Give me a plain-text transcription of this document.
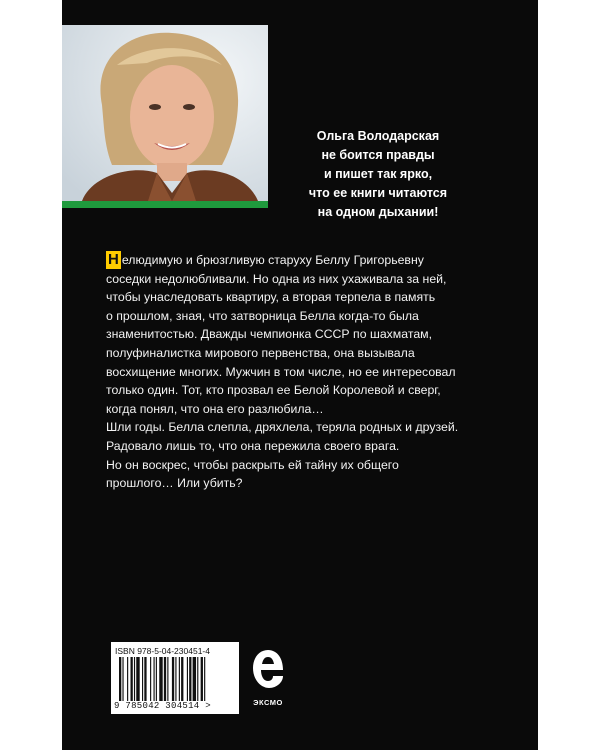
Ольга Володарская
не боится правды
и пишет так ярко,
что ее книги читаются
на одном дыхании!
Н елюдимую и брюзгливую старуху Беллу Григорьевну
соседки недолюбливали. Но одна из них ухаживала за ней,
чтобы унаследовать квартиру, а вторая терпела в память
о прошлом, зная, что затворница Белла когда-то была
знаменитостью. Дважды чемпионка СССР по шахматам,
полуфиналистка мирового первенства, она вызывала
восхищение многих. Мужчин в том числе, но ее интересовал
только один. Тот, кто прозвал ее Белой Королевой и сверг,
когда понял, что она его разлюбила…
Шли годы. Белла слепла, дряхлела, теряла родных и друзей.
Радовало лишь то, что она пережила своего врага.
Но он воскрес, чтобы раскрыть ей тайну их общего
прошлого… Или убить?
ISBN 978-5-04-230451-4
9 785042 304514 >	ЭКСМО
